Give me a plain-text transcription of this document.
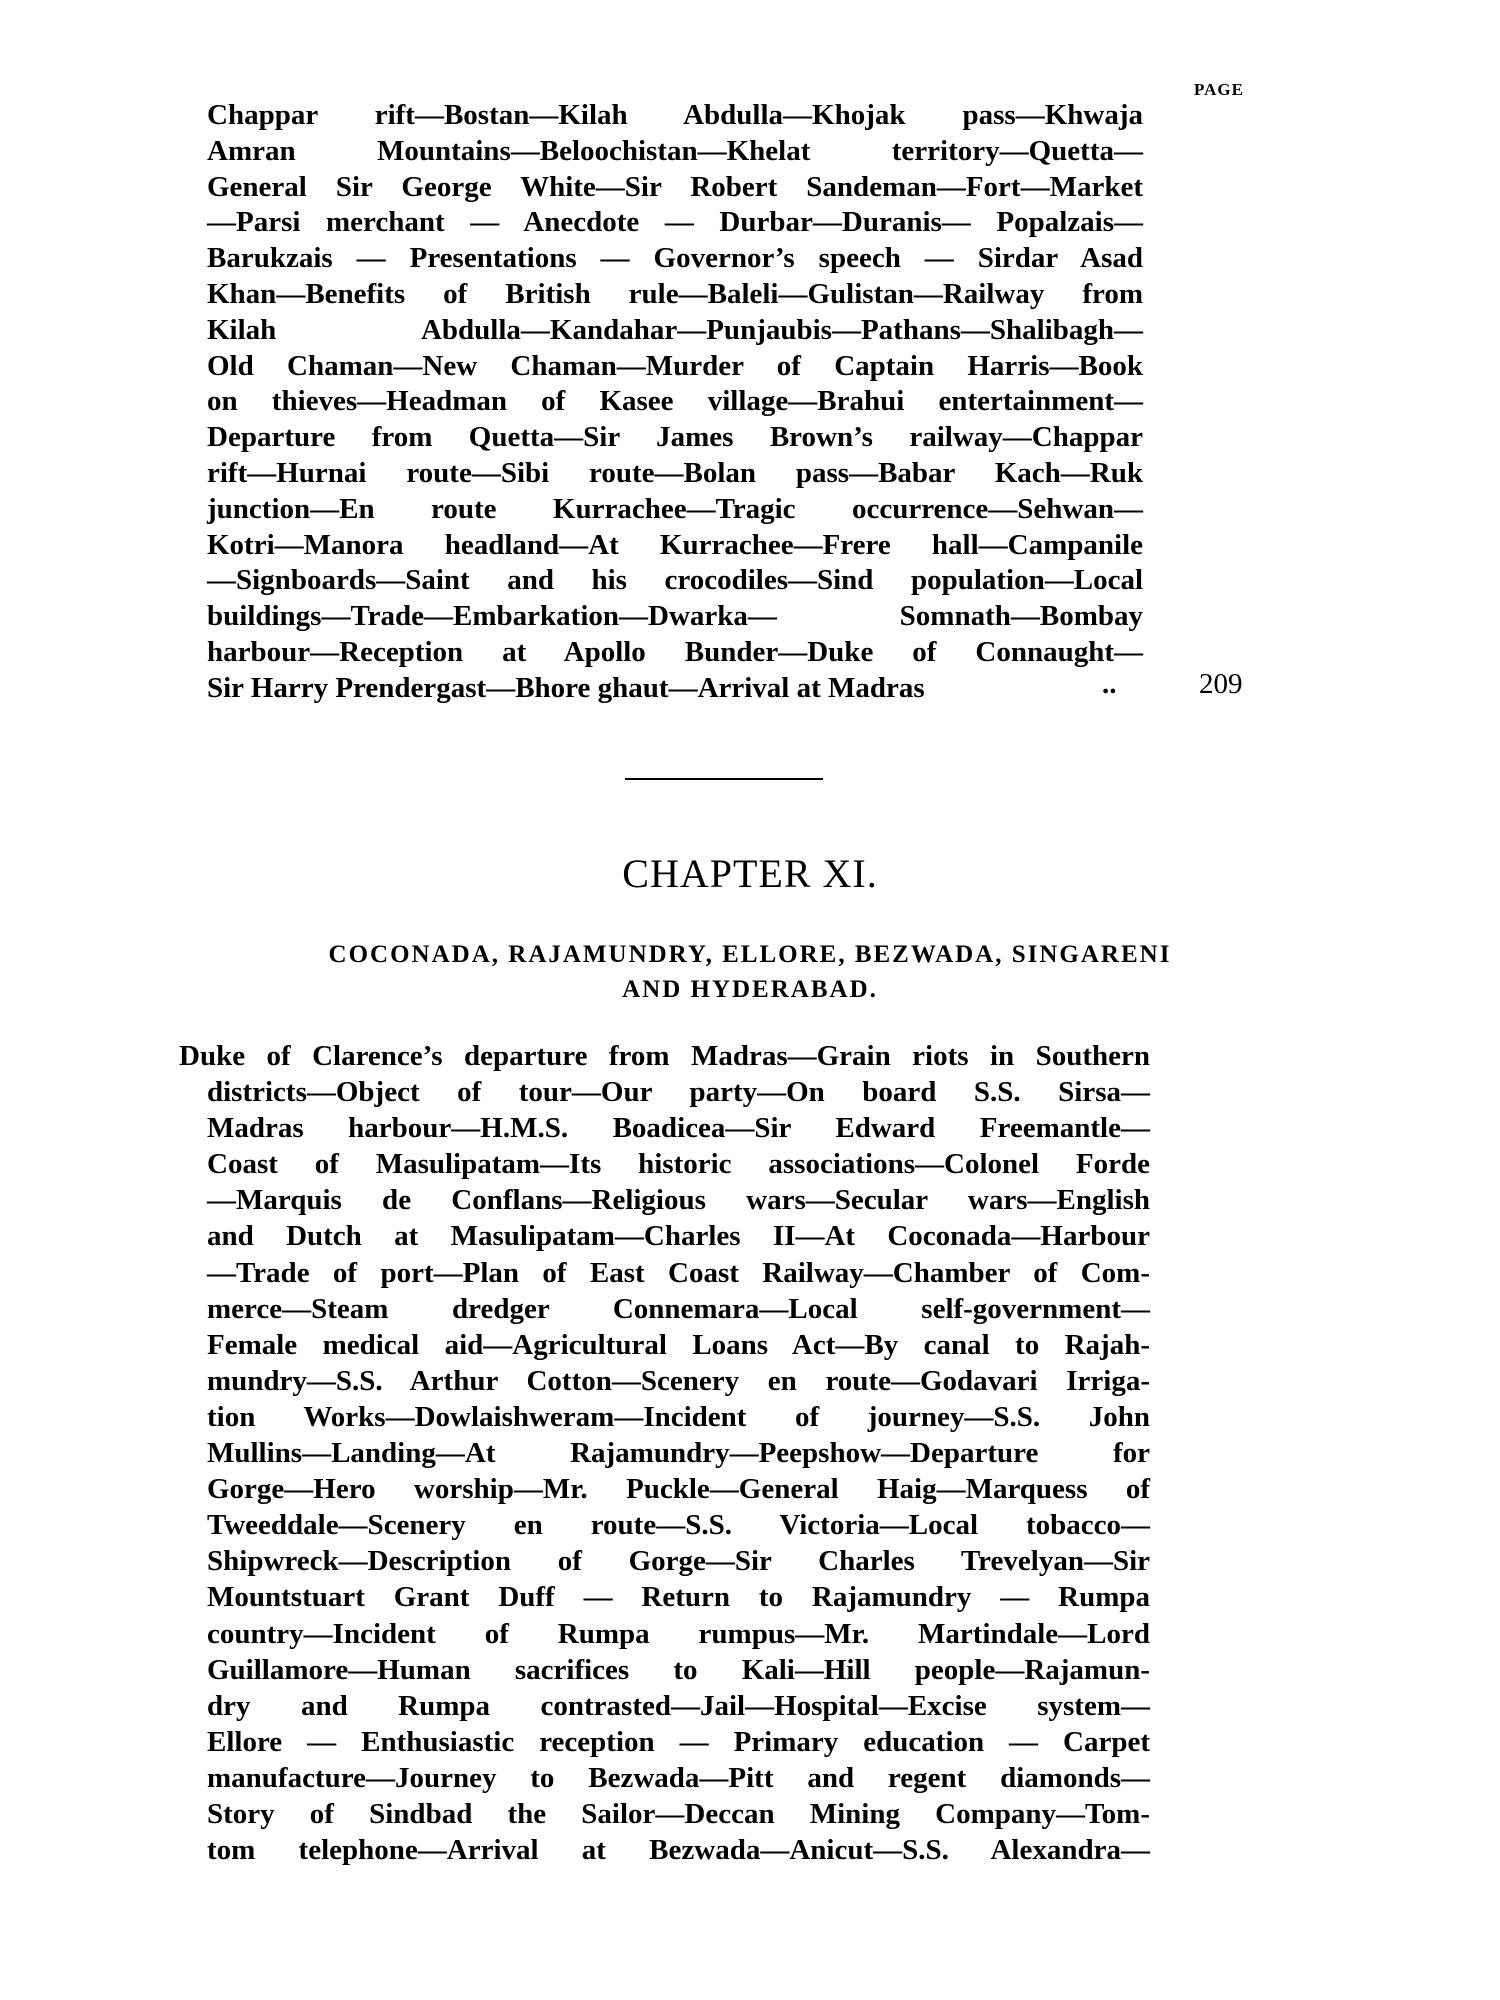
PAGE
Chappar rift—Bostan—Kilah Abdulla—Khojak pass—Khwaja
Amran Mountains—Beloochistan—Khelat territory—Quetta—
General Sir George White—Sir Robert Sandeman—Fort—Market
—Parsi merchant — Anecdote — Durbar—Duranis— Popalzais—
Barukzais — Presentations — Governor’s speech — Sirdar Asad
Khan—Benefits of British rule—Baleli—Gulistan—Railway from
Kilah Abdulla—Kandahar—Punjaubis—Pathans—Shalibagh—
Old Chaman—New Chaman—Murder of Captain Harris—Book
on thieves—Headman of Kasee village—Brahui entertainment—
Departure from Quetta—Sir James Brown’s railway—Chappar
rift—Hurnai route—Sibi route—Bolan pass—Babar Kach—Ruk
junction—En route Kurrachee—Tragic occurrence—Sehwan—
Kotri—Manora headland—At Kurrachee—Frere hall—Campanile
—Signboards—Saint and his crocodiles—Sind population—Local
buildings—Trade—Embarkation—Dwarka— Somnath—Bombay
harbour—Reception at Apollo Bunder—Duke of Connaught—
Sir Harry Prendergast—Bhore ghaut—Arrival at Madras	..	209
CHAPTER XI.
COCONADA, RAJAMUNDRY, ELLORE, BEZWADA, SINGARENI
AND HYDERABAD.
Duke of Clarence’s departure from Madras—Grain riots in Southern
districts—Object of tour—Our party—On board S.S. Sirsa—
Madras harbour—H.M.S. Boadicea—Sir Edward Freemantle—
Coast of Masulipatam—Its historic associations—Colonel Forde
—Marquis de Conflans—Religious wars—Secular wars—English
and Dutch at Masulipatam—Charles II—At Coconada—Harbour
—Trade of port—Plan of East Coast Railway—Chamber of Com-
merce—Steam dredger Connemara—Local self-government—
Female medical aid—Agricultural Loans Act—By canal to Rajah-
mundry—S.S. Arthur Cotton—Scenery en route—Godavari Irriga-
tion Works—Dowlaishweram—Incident of journey—S.S. John
Mullins—Landing—At Rajamundry—Peepshow—Departure for
Gorge—Hero worship—Mr. Puckle—General Haig—Marquess of
Tweeddale—Scenery en route—S.S. Victoria—Local tobacco—
Shipwreck—Description of Gorge—Sir Charles Trevelyan—Sir
Mountstuart Grant Duff — Return to Rajamundry — Rumpa
country—Incident of Rumpa rumpus—Mr. Martindale—Lord
Guillamore—Human sacrifices to Kali—Hill people—Rajamun-
dry and Rumpa contrasted—Jail—Hospital—Excise system—
Ellore — Enthusiastic reception — Primary education — Carpet
manufacture—Journey to Bezwada—Pitt and regent diamonds—
Story of Sindbad the Sailor—Deccan Mining Company—Tom-
tom telephone—Arrival at Bezwada—Anicut—S.S. Alexandra—
